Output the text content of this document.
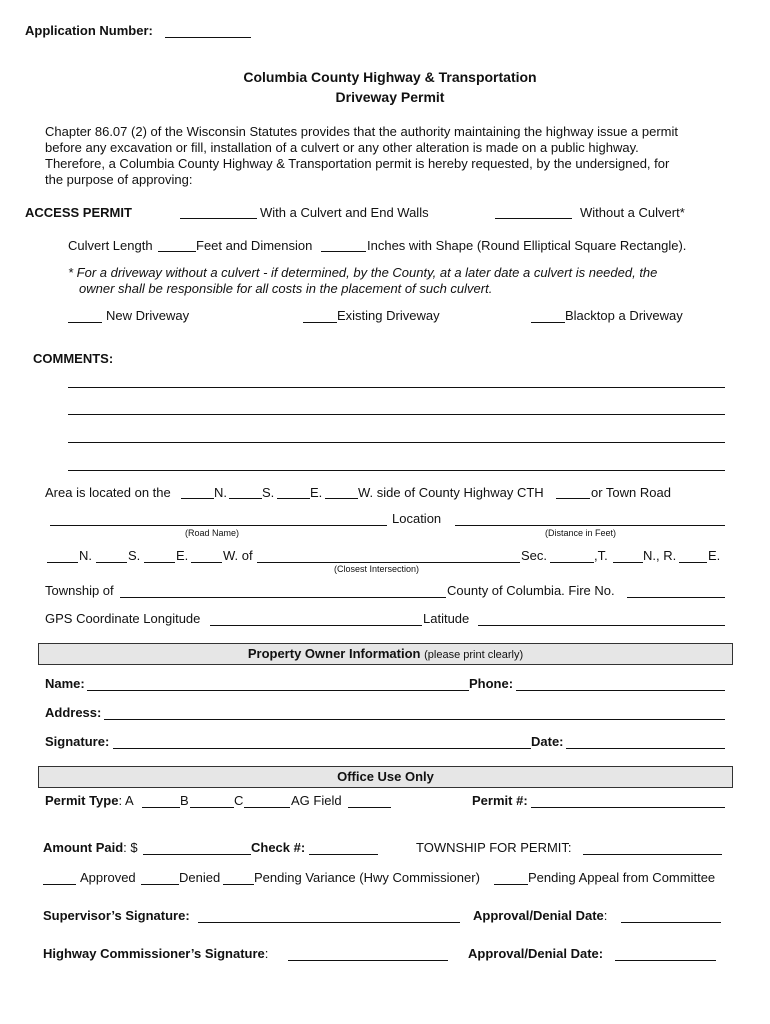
Application Number:
Columbia County Highway & Transportation
Driveway Permit
Chapter 86.07 (2) of the Wisconsin Statutes provides that the authority maintaining the highway issue a permit
before any excavation or fill, installation of a culvert or any other alteration is made on a public highway.
Therefore, a Columbia County Highway & Transportation permit is hereby requested, by the undersigned, for
the purpose of approving:
ACCESS PERMIT	With a Culvert and End Walls	Without a Culvert*
Culvert Length	Feet and Dimension	Inches with Shape (Round Elliptical Square Rectangle).
* For a driveway without a culvert - if determined, by the County, at a later date a culvert is needed, the
owner shall be responsible for all costs in the placement of such culvert.
New Driveway	Existing Driveway	Blacktop a Driveway
COMMENTS:
Area is located on the	N.	S.	E.	W. side of County Highway CTH	or Town Road
Location
(Road Name)	(Distance in Feet)
N.	S.	E.	W. of	Sec.	,T.	N., R. E.
(Closest Intersection)
Township of	County of Columbia. Fire No.
GPS Coordinate Longitude	Latitude
Property Owner Information (please print clearly)
Name:	Phone:
Address:
Signature:	Date:
Office Use Only
Permit Type: A	B	C	AG Field	Permit #:
Amount Paid: $	Check #:	TOWNSHIP FOR PERMIT:
Approved	Denied	Pending Variance (Hwy Commissioner)	Pending Appeal from Committee
Supervisor’s Signature:	Approval/Denial Date:
Highway Commissioner’s Signature:	Approval/Denial Date:
